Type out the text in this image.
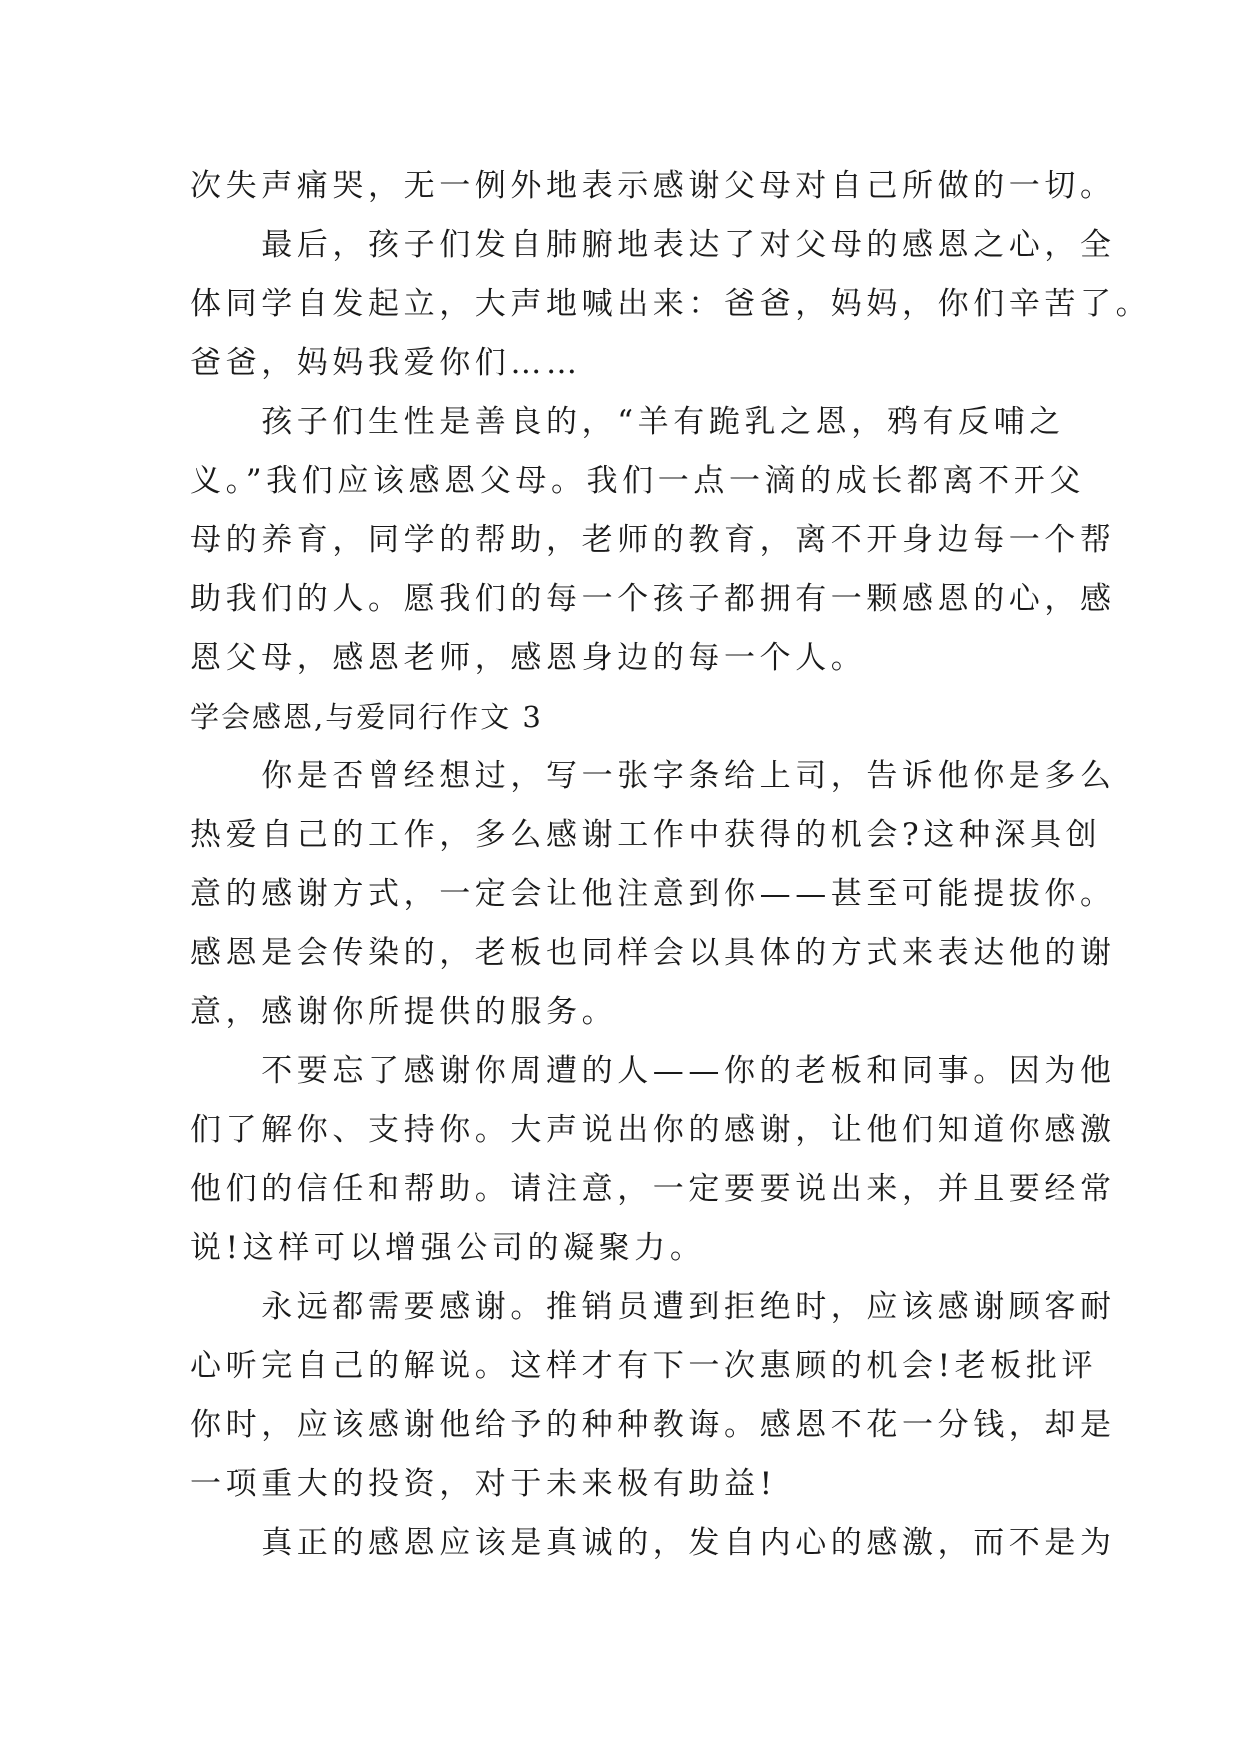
次失声痛哭，无一例外地表示感谢父母对自己所做的一切。
　　最后，孩子们发自肺腑地表达了对父母的感恩之心，全
体同学自发起立，大声地喊出来：爸爸，妈妈，你们辛苦了。
爸爸，妈妈我爱你们……
　　孩子们生性是善良的，“羊有跪乳之恩，鸦有反哺之
义。”我们应该感恩父母。我们一点一滴的成长都离不开父
母的养育，同学的帮助，老师的教育，离不开身边每一个帮
助我们的人。愿我们的每一个孩子都拥有一颗感恩的心，感
恩父母，感恩老师，感恩身边的每一个人。
学会感恩,与爱同行作文 3
　　你是否曾经想过，写一张字条给上司，告诉他你是多么
热爱自己的工作，多么感谢工作中获得的机会?这种深具创
意的感谢方式，一定会让他注意到你——甚至可能提拔你。
感恩是会传染的，老板也同样会以具体的方式来表达他的谢
意，感谢你所提供的服务。
　　不要忘了感谢你周遭的人——你的老板和同事。因为他
们了解你、支持你。大声说出你的感谢，让他们知道你感激
他们的信任和帮助。请注意，一定要要说出来，并且要经常
说!这样可以增强公司的凝聚力。
　　永远都需要感谢。推销员遭到拒绝时，应该感谢顾客耐
心听完自己的解说。这样才有下一次惠顾的机会!老板批评
你时，应该感谢他给予的种种教诲。感恩不花一分钱，却是
一项重大的投资，对于未来极有助益!
　　真正的感恩应该是真诚的，发自内心的感激，而不是为
